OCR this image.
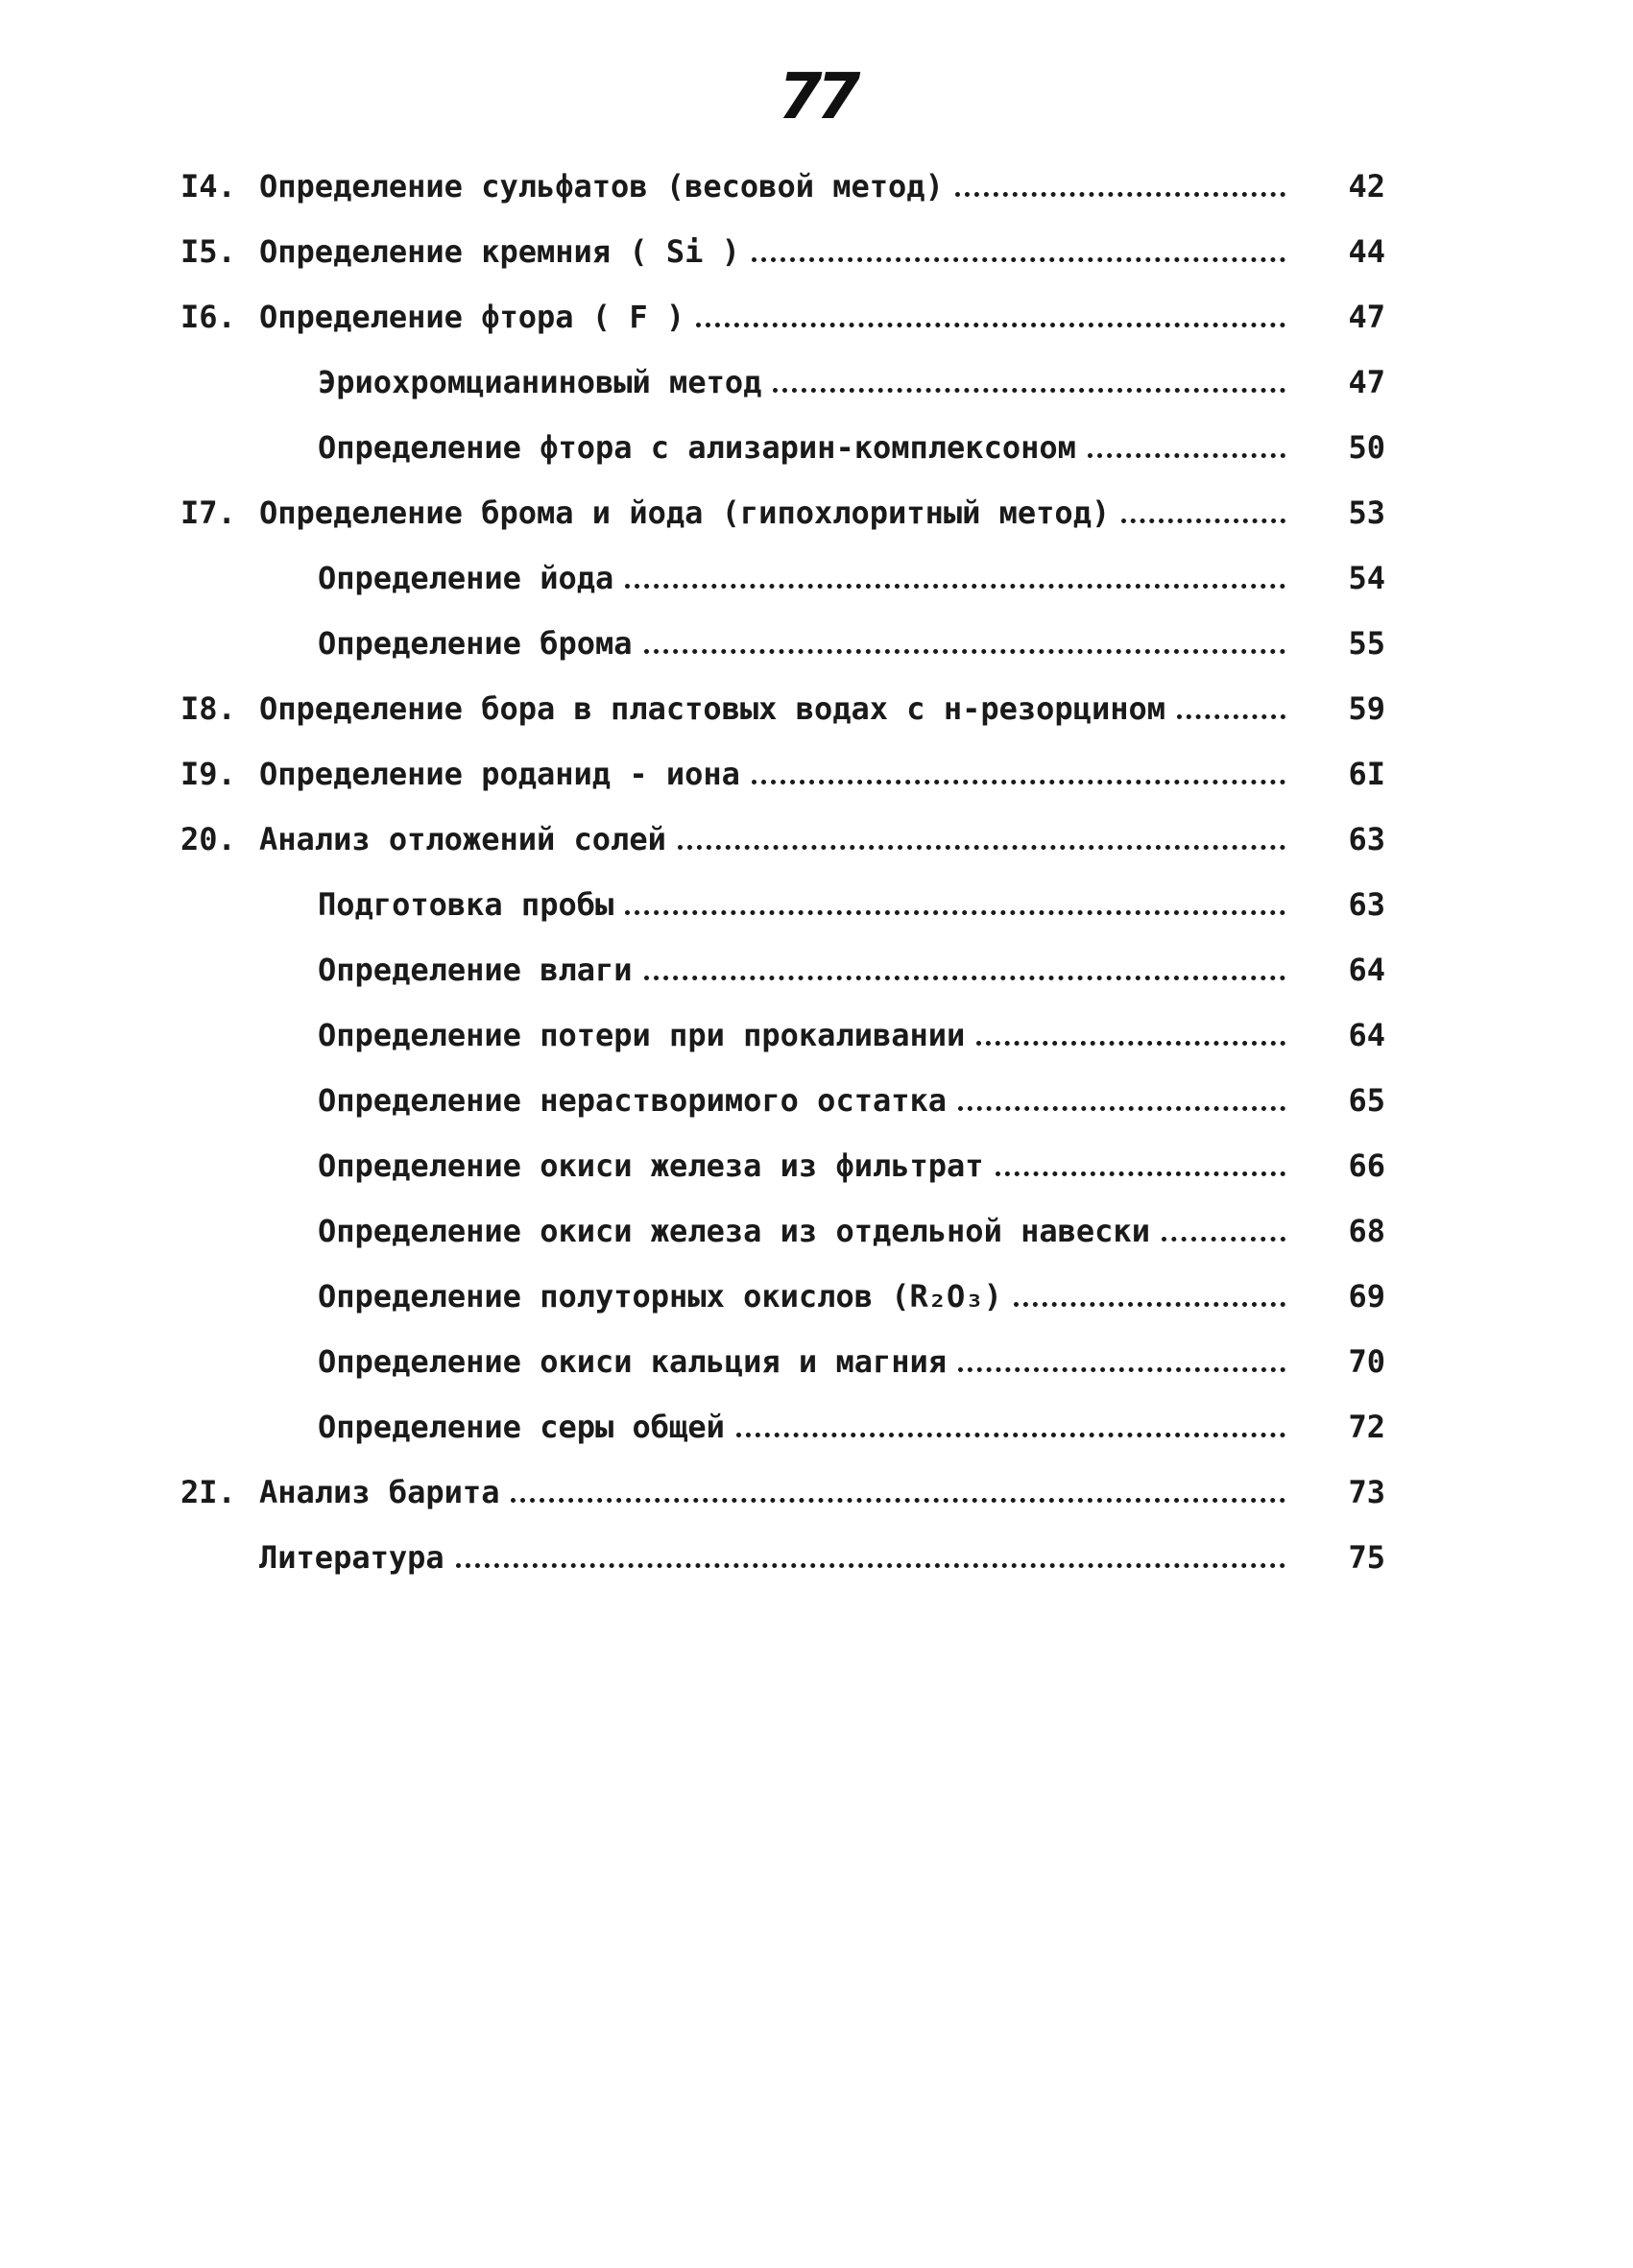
77
I4. Определение сульфатов (весовой метод)	42
I5. Определение кремния ( Si )	44
I6. Определение фтора ( F )	47
Эриохромцианиновый метод	47
Определение фтора с ализарин-комплексоном	50
I7. Определение брома и йода (гипохлоритный метод)	53
Определение йода	54
Определение брома	55
I8. Определение бора в пластовых водах с н-резорцином	59
I9. Определение роданид - иона	6I
20. Анализ отложений солей	63
Подготовка пробы	63
Определение влаги	64
Определение потери при прокаливании	64
Определение нерастворимого остатка	65
Определение окиси железа из фильтрат	66
Определение окиси железа из отдельной навески	68
Определение полуторных окислов (R₂O₃)	69
Определение окиси кальция и магния	70
Определение серы общей	72
2I. Анализ барита	73
Литература	75
